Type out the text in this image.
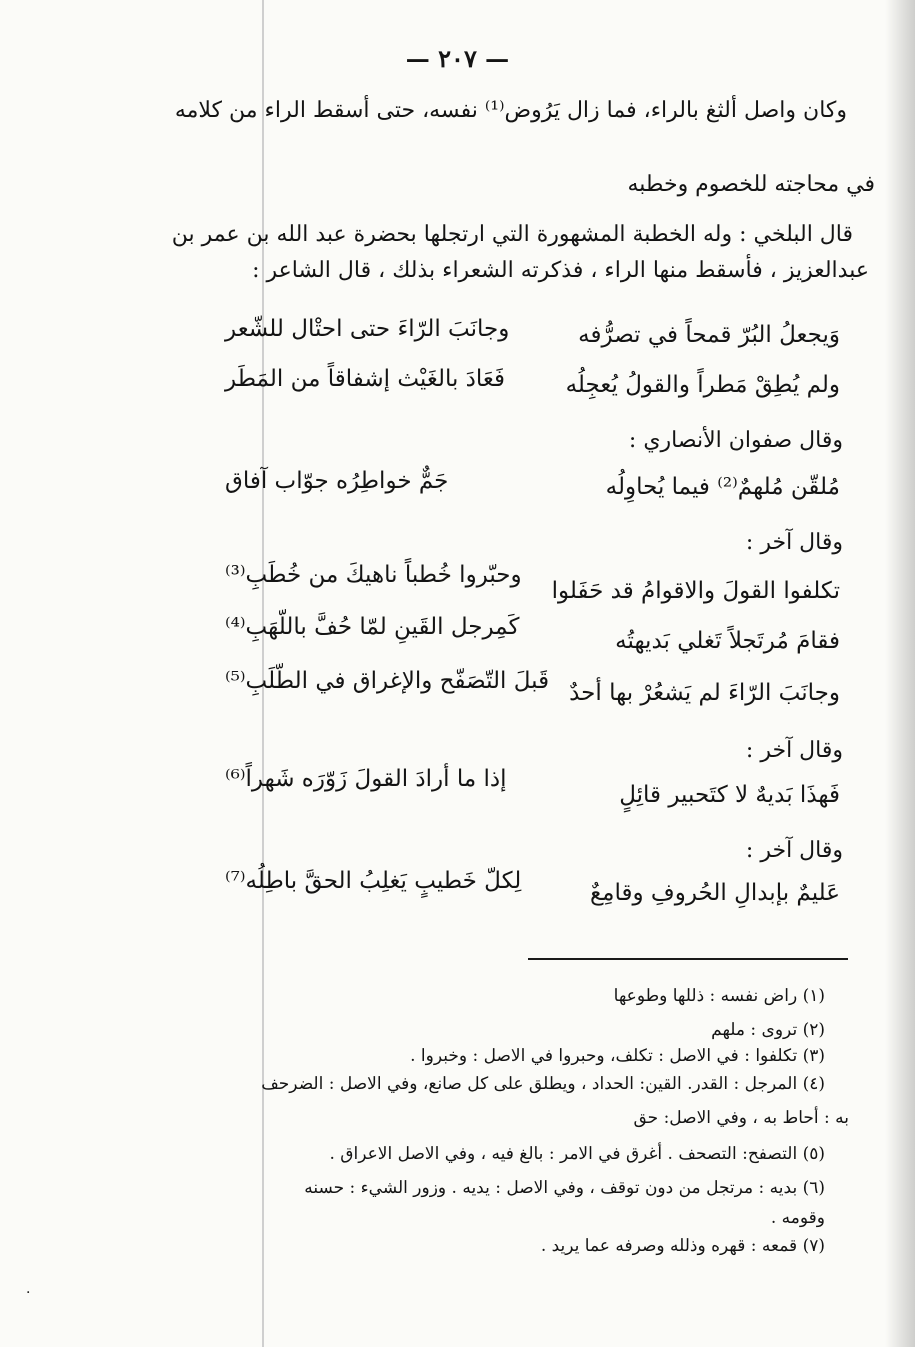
— ٢٠٧ —
وكان واصل ألثغ بالراء، فما زال يَرُوض⁽¹⁾ نفسه، حتى أسقط الراء من كلامه
في محاجته للخصوم وخطبه
قال البلخي : وله الخطبة المشهورة التي ارتجلها بحضرة عبد الله بن عمر بن
عبدالعزيز ، فأسقط منها الراء ، فذكرته الشعراء بذلك ، قال الشاعر :
وَيجعلُ البُرّ قمحاً في تصرُّفه
وجانَبَ الرّاءَ حتى احتْال للشّعر
ولم يُطِقْ مَطراً والقولُ يُعجِلُه
فَعَادَ بالغَيْث إشفاقاً من المَطَر
وقال صفوان الأنصاري :
مُلقّن مُلهمٌ⁽²⁾ فيما يُحاوِلُه
جَمٌّ خواطِرُه جوّاب آفاق
وقال آخر :
تكلفوا القولَ والاقوامُ قد حَفَلوا
وحبّروا خُطباً ناهيكَ من خُطَبِ⁽³⁾
فقامَ مُرتَجلاً تَغلي بَديهتُه
كَمِرجل القَينِ لمّا حُفَّ باللّهَبِ⁽⁴⁾
وجانَبَ الرّاءَ لم يَشعُرْ بها أحدٌ
قَبلَ التّصَفّح والإغراق في الطّلَبِ⁽⁵⁾
وقال آخر :
فَهذَا بَديهٌ لا كتَحبير قائِلٍ
إذا ما أرادَ القولَ زَوّرَه شَهراً⁽⁶⁾
وقال آخر :
عَليمٌ بإبدالِ الحُروفِ وقامِعٌ
لِكلّ خَطيبٍ يَغلِبُ الحقَّ باطِلُه⁽⁷⁾
(١) راض نفسه : ذللها وطوعها
(٢) تروى : ملهم
(٣) تكلفوا : في الاصل : تكلف، وحبروا في الاصل : وخبروا .
(٤) المرجل : القدر. القين: الحداد ، ويطلق على كل صانع، وفي الاصل : الضرحف
به : أحاط به ، وفي الاصل: حق
(٥) التصفح: التصحف . أغرق في الامر : بالغ فيه ، وفي الاصل الاعراق .
(٦) بديه : مرتجل من دون توقف ، وفي الاصل : يديه . وزور الشيء : حسنه
وقومه .
(٧) قمعه : قهره وذلله وصرفه عما يريد .
·
